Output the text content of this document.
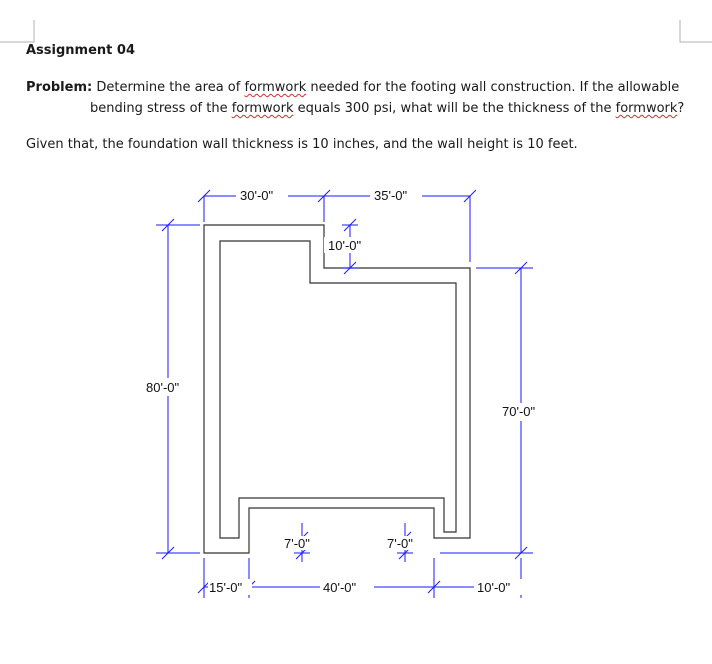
Assignment 04
Problem: Determine the area of formwork needed for the footing wall construction. If the allowable
bending stress of the formwork equals 300 psi, what will be the thickness of the formwork?
Given that, the foundation wall thickness is 10 inches, and the wall height is 10 feet.
30'-0"	35'-0"
10'-0"
80'-0"
70'-0"
7'-0"	7'-0"
15'-0"	40'-0"	10'-0"
